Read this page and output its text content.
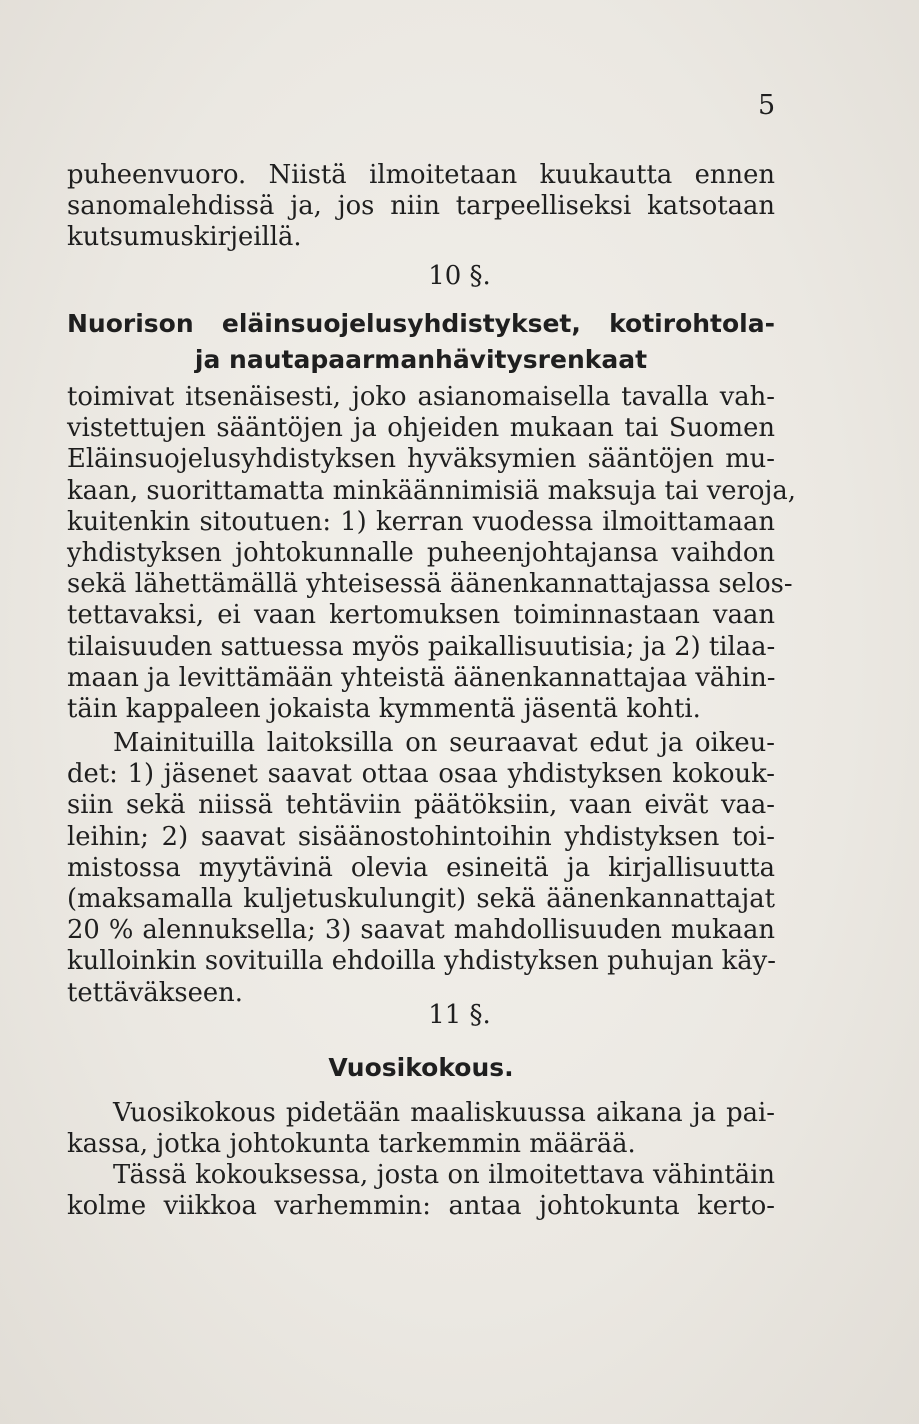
5
puheenvuoro. Niistä ilmoitetaan kuukautta ennen
sanomalehdissä ja, jos niin tarpeelliseksi katsotaan
kutsumuskirjeillä.
10 §.
Nuorison eläinsuojelusyhdistykset, kotirohtola-
ja nautapaarmanhävitysrenkaat
toimivat itsenäisesti, joko asianomaisella tavalla vah-
vistettujen sääntöjen ja ohjeiden mukaan tai Suomen
Eläinsuojelusyhdistyksen hyväksymien sääntöjen mu-
kaan, suorittamatta minkäännimisiä maksuja tai veroja,
kuitenkin sitoutuen: 1) kerran vuodessa ilmoittamaan
yhdistyksen johtokunnalle puheenjohtajansa vaihdon
sekä lähettämällä yhteisessä äänenkannattajassa selos-
tettavaksi, ei vaan kertomuksen toiminnastaan vaan
tilaisuuden sattuessa myös paikallisuutisia; ja 2) tilaa-
maan ja levittämään yhteistä äänenkannattajaa vähin-
täin kappaleen jokaista kymmentä jäsentä kohti.
Mainituilla laitoksilla on seuraavat edut ja oikeu-
det: 1) jäsenet saavat ottaa osaa yhdistyksen kokouk-
siin sekä niissä tehtäviin päätöksiin, vaan eivät vaa-
leihin; 2) saavat sisäänostohintoihin yhdistyksen toi-
mistossa myytävinä olevia esineitä ja kirjallisuutta
(maksamalla kuljetuskulungit) sekä äänenkannattajat
20 % alennuksella; 3) saavat mahdollisuuden mukaan
kulloinkin sovituilla ehdoilla yhdistyksen puhujan käy-
tettäväkseen.
11 §.
Vuosikokous.
Vuosikokous pidetään maaliskuussa aikana ja pai-
kassa, jotka johtokunta tarkemmin määrää.
Tässä kokouksessa, josta on ilmoitettava vähintäin
kolme viikkoa varhemmin: antaa johtokunta kerto-
